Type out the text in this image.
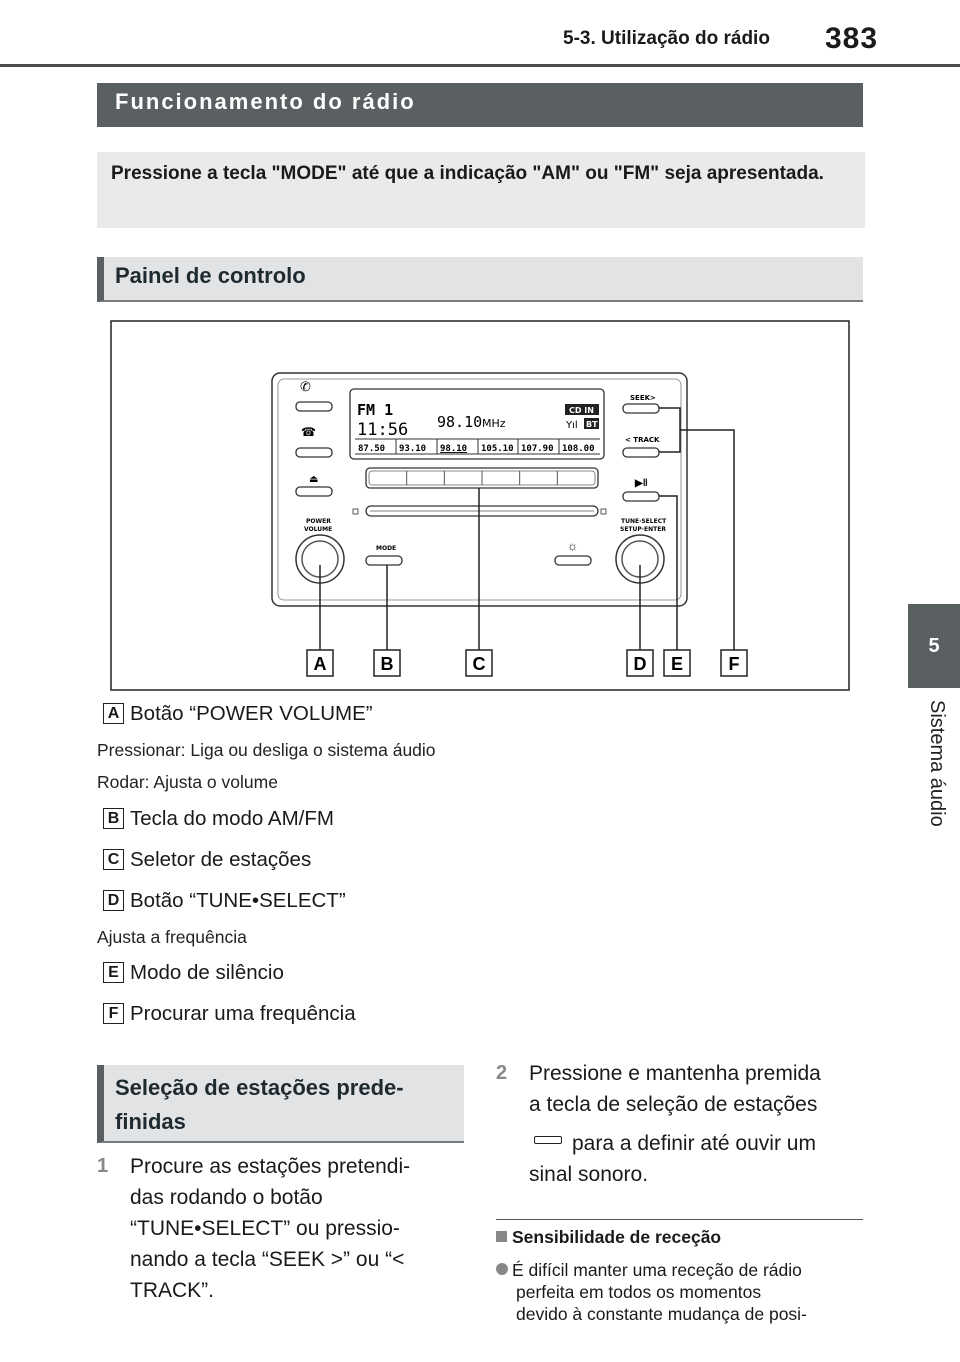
5-3. Utilização do rádio 383
5
Sistema áudio
Funcionamento do rádio
Pressione a tecla "MODE" até que a indicação "AM" ou "FM" seja apresentada.
Painel de controlo
FM 1
11:56 98.10 MHz
CD IN
Yıl BT
87.50 93.10 98.10 105.10 107.90 108.00
✆
☎
⏏
POWER
VOLUME
MODE
SEEK>
< TRACK
▶‖
TUNE·SELECT
SETUP·ENTER
☼
A	B	C	D E	F
A Botão “POWER VOLUME”
Pressionar: Liga ou desliga o sistema áudio
Rodar: Ajusta o volume
B Tecla do modo AM/FM
C Seletor de estações
D Botão “TUNE•SELECT”
Ajusta a frequência
E Modo de silêncio
F Procurar uma frequência
Seleção de estações prede-
finidas
1 Procure as estações pretendi-
das rodando o botão
“TUNE•SELECT” ou pressio-
nando a tecla “SEEK >” ou “<
TRACK”.
2 Pressione e mantenha premida
a tecla de seleção de estações
para a definir até ouvir um
sinal sonoro.
Sensibilidade de receção
É difícil manter uma receção de rádio
perfeita em todos os momentos
devido à constante mudança de posi-
